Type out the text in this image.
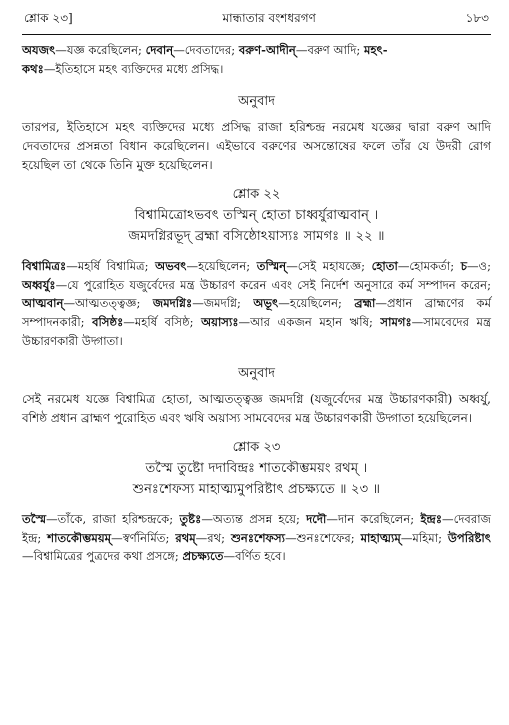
শ্লোক ২৩]	মান্ধাতার বংশধরগণ	১৮৩

অযজৎ—যজ্ঞ করেছিলেন; দেবান্—দেবতাদের; বরুণ-আদীন্—বরুণ আদি; মহৎ-
কথঃ—ইতিহাসে মহৎ ব্যক্তিদের মধ্যে প্রসিদ্ধ।

অনুবাদ

তারপর, ইতিহাসে মহৎ ব্যক্তিদের মধ্যে প্রসিদ্ধ রাজা হরিশ্চন্দ্র নরমেধ যজ্ঞের দ্বারা বরুণ আদি দেবতাদের প্রসন্নতা বিধান করেছিলেন। এইভাবে বরুণের অসন্তোষের ফলে তাঁর যে উদরী রোগ হয়েছিল তা থেকে তিনি মুক্ত হয়েছিলেন।

শ্লোক ২২
বিশ্বামিত্রোঽভবৎ তস্মিন্ হোতা চাধ্বর্যুরাত্মবান্ ।
জমদগ্নিরভূদ্ ব্রহ্মা বসিষ্ঠোঽয়াস্যঃ সামগঃ ॥ ২২ ॥

বিশ্বামিত্রঃ—মহর্ষি বিশ্বামিত্র; অভবৎ—হয়েছিলেন; তস্মিন্—সেই মহাযজ্ঞে; হোতা—হোমকর্তা; চ—ও; অধ্বর্যুঃ—যে পুরোহিত যজুর্বেদের মন্ত্র উচ্চারণ করেন এবং সেই নির্দেশ অনুসারে কর্ম সম্পাদন করেন; আত্মবান্—আত্মতত্ত্বজ্ঞ; জমদগ্নিঃ—জমদগ্নি; অভূৎ—হয়েছিলেন; ব্রহ্মা—প্রধান ব্রাহ্মণের কর্ম সম্পাদনকারী; বসিষ্ঠঃ—মহর্ষি বসিষ্ঠ; অয়াস্যঃ—আর একজন মহান ঋষি; সামগঃ—সামবেদের মন্ত্র উচ্চারণকারী উদ্গাতা।

অনুবাদ

সেই নরমেধ যজ্ঞে বিশ্বামিত্র হোতা, আত্মতত্ত্বজ্ঞ জমদগ্নি (যজুর্বেদের মন্ত্র উচ্চারণকারী) অধ্বর্যু, বশিষ্ঠ প্রধান ব্রাহ্মণ পুরোহিত এবং ঋষি অয়াস্য সামবেদের মন্ত্র উচ্চারণকারী উদ্গাতা হয়েছিলেন।

শ্লোক ২৩
তস্মৈ তুষ্টো দদাবিন্দ্রঃ শাতকৌম্ভময়ং রথম্ ।
শুনঃশেফস্য মাহাত্ম্যমুপরিষ্টাৎ প্রচক্ষ্যতে ॥ ২৩ ॥

তস্মৈ—তাঁকে, রাজা হরিশ্চন্দ্রকে; তুষ্টঃ—অত্যন্ত প্রসন্ন হয়ে; দদৌ—দান করেছিলেন; ইন্দ্রঃ—দেবরাজ ইন্দ্র; শাতকৌম্ভময়ম্—স্বর্ণনির্মিত; রথম্—রথ; শুনঃশেফস্য—শুনঃশেফের; মাহাত্ম্যম্—মহিমা; উপরিষ্টাৎ—বিশ্বামিত্রের পুত্রদের কথা প্রসঙ্গে; প্রচক্ষ্যতে—বর্ণিত হবে।
